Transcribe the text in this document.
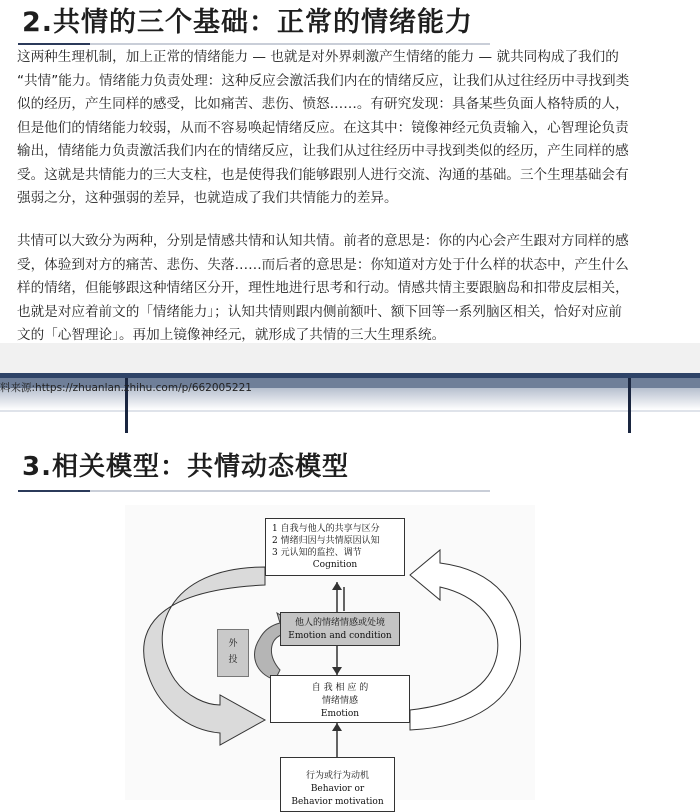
2.共情的三个基础：正常的情绪能力
这两种生理机制，加上正常的情绪能力 — 也就是对外界刺激产生情绪的能力 — 就共同构成了我们的
“共情”能力。情绪能力负责处理：这种反应会激活我们内在的情绪反应，让我们从过往经历中寻找到类
似的经历，产生同样的感受，比如痛苦、悲伤、愤怒……。有研究发现：具备某些负面人格特质的人，
但是他们的情绪能力较弱，从而不容易唤起情绪反应。在这其中：镜像神经元负责输入，心智理论负责
输出，情绪能力负责激活我们内在的情绪反应，让我们从过往经历中寻找到类似的经历，产生同样的感
受。这就是共情能力的三大支柱，也是使得我们能够跟别人进行交流、沟通的基础。三个生理基础会有
强弱之分，这种强弱的差异，也就造成了我们共情能力的差异。
共情可以大致分为两种，分别是情感共情和认知共情。前者的意思是：你的内心会产生跟对方同样的感
受，体验到对方的痛苦、悲伤、失落……而后者的意思是：你知道对方处于什么样的状态中，产生什么
样的情绪，但能够跟这种情绪区分开，理性地进行思考和行动。情感共情主要跟脑岛和扣带皮层相关，
也就是对应着前文的「情绪能力」；认知共情则跟内侧前额叶、额下回等一系列脑区相关，恰好对应前
文的「心智理论」。再加上镜像神经元，就形成了共情的三大生理系统。
料来源:https://zhuanlan.zhihu.com/p/662005221
3.相关模型：共情动态模型
外
投
1 自我与他人的共享与区分
2 情绪归因与共情原因认知
3 元认知的监控、调节
Cognition
他人的情绪情感或处境
Emotion and condition
自 我 相 应 的
情绪情感
Emotion
行为或行为动机
Behavior or
Behavior motivation
